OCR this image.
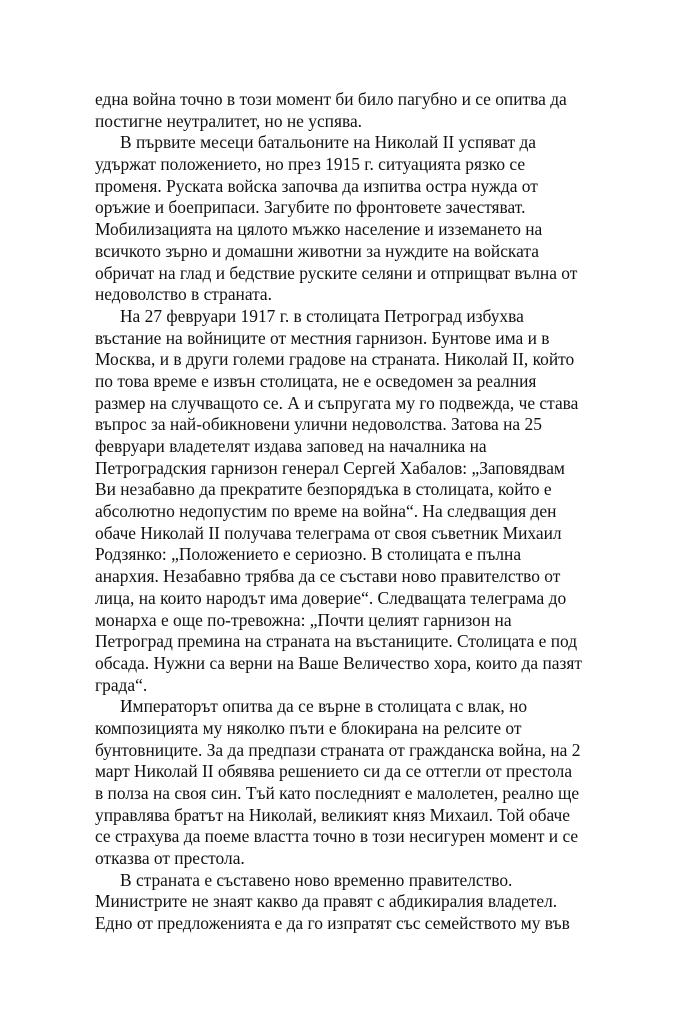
една война точно в този момент би било пагубно и се опитва да
постигне неутралитет, но не успява.
В първите месеци батальоните на Николай II успяват да
удържат положението, но през 1915 г. ситуацията рязко се
променя. Руската войска започва да изпитва остра нужда от
оръжие и боеприпаси. Загубите по фронтовете зачестяват.
Мобилизацията на цялото мъжко население и изземането на
всичкото зърно и домашни животни за нуждите на войската
обричат на глад и бедствие руските селяни и отприщват вълна от
недоволство в страната.
На 27 февруари 1917 г. в столицата Петроград избухва
въстание на войниците от местния гарнизон. Бунтове има и в
Москва, и в други големи градове на страната. Николай II, който
по това време е извън столицата, не е осведомен за реалния
размер на случващото се. А и съпругата му го подвежда, че става
въпрос за най-обикновени улични недоволства. Затова на 25
февруари владетелят издава заповед на началника на
Петроградския гарнизон генерал Сергей Хабалов: „Заповядвам
Ви незабавно да прекратите безпорядъка в столицата, който е
абсолютно недопустим по време на война“. На следващия ден
обаче Николай II получава телеграма от своя съветник Михаил
Родзянко: „Положението е сериозно. В столицата е пълна
анархия. Незабавно трябва да се състави ново правителство от
лица, на които народът има доверие“. Следващата телеграма до
монарха е още по-тревожна: „Почти целият гарнизон на
Петроград премина на страната на въстаниците. Столицата е под
обсада. Нужни са верни на Ваше Величество хора, които да пазят
града“.
Императорът опитва да се върне в столицата с влак, но
композицията му няколко пъти е блокирана на релсите от
бунтовниците. За да предпази страната от гражданска война, на 2
март Николай II обявява решението си да се оттегли от престола
в полза на своя син. Тъй като последният е малолетен, реално ще
управлява братът на Николай, великият княз Михаил. Той обаче
се страхува да поеме властта точно в този несигурен момент и се
отказва от престола.
В страната е съставено ново временно правителство.
Министрите не знаят какво да правят с абдикиралия владетел.
Едно от предложенията е да го изпратят със семейството му във
